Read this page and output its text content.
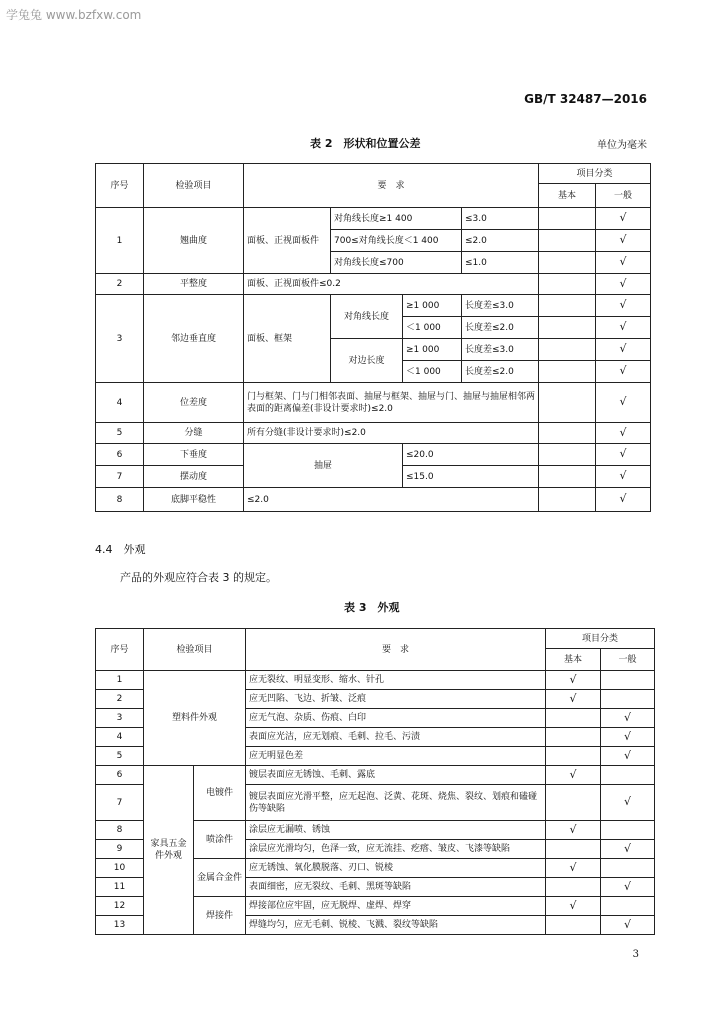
学兔兔 www.bzfxw.com
GB/T 32487—2016
表 2　形状和位置公差	单位为毫米
序号	检验项目	要　求				项目分类	
						基本	一般
1	翘曲度	面板、正视面板件	对角线长度≥1 400		≤3.0		√
			700≤对角线长度＜1 400		≤2.0		√
			对角线长度≤700		≤1.0		√
2	平整度	面板、正视面板件≤0.2					√
3	邻边垂直度	面板、框架	对角线长度	≥1 000	长度差≤3.0		√
				＜1 000	长度差≤2.0		√
			对边长度	≥1 000	长度差≤3.0		√
				＜1 000	长度差≤2.0		√
4	位差度	门与框架、门与门相邻表面、抽屉与框架、抽屉与门、抽屉与抽屉相邻两表面的距离偏差(非设计要求时)≤2.0					√
5	分缝	所有分缝(非设计要求时)≤2.0					√
6	下垂度	抽屉		≤20.0			√
7	摆动度			≤15.0			√
8	底脚平稳性	≤2.0					√
4.4　外观
产品的外观应符合表 3 的规定。
表 3　外观
序号	检验项目		要　求	项目分类	
				基本	一般
1	塑料件外观		应无裂纹、明显变形、缩水、针孔	√	
2			应无凹陷、飞边、折皱、泛痕	√	
3			应无气泡、杂质、伤痕、白印		√
4			表面应光洁，应无划痕、毛刺、拉毛、污渍		√
5			应无明显色差		√
6	家具五金件外观	电镀件	镀层表面应无锈蚀、毛刺、露底	√	
7			镀层表面应光滑平整，应无起泡、泛黄、花斑、烧焦、裂纹、划痕和磕碰伤等缺陷		√
8		喷涂件	涂层应无漏喷、锈蚀	√	
9			涂层应光滑均匀，色泽一致，应无流挂、疙瘩、皱皮、飞漆等缺陷		√
10		金属合金件	应无锈蚀、氧化膜脱落、刃口、锐棱	√	
11			表面细密，应无裂纹、毛刺、黑斑等缺陷		√
12		焊接件	焊接部位应牢固，应无脱焊、虚焊、焊穿	√	
13			焊缝均匀，应无毛刺、锐棱、飞溅、裂纹等缺陷		√
3
